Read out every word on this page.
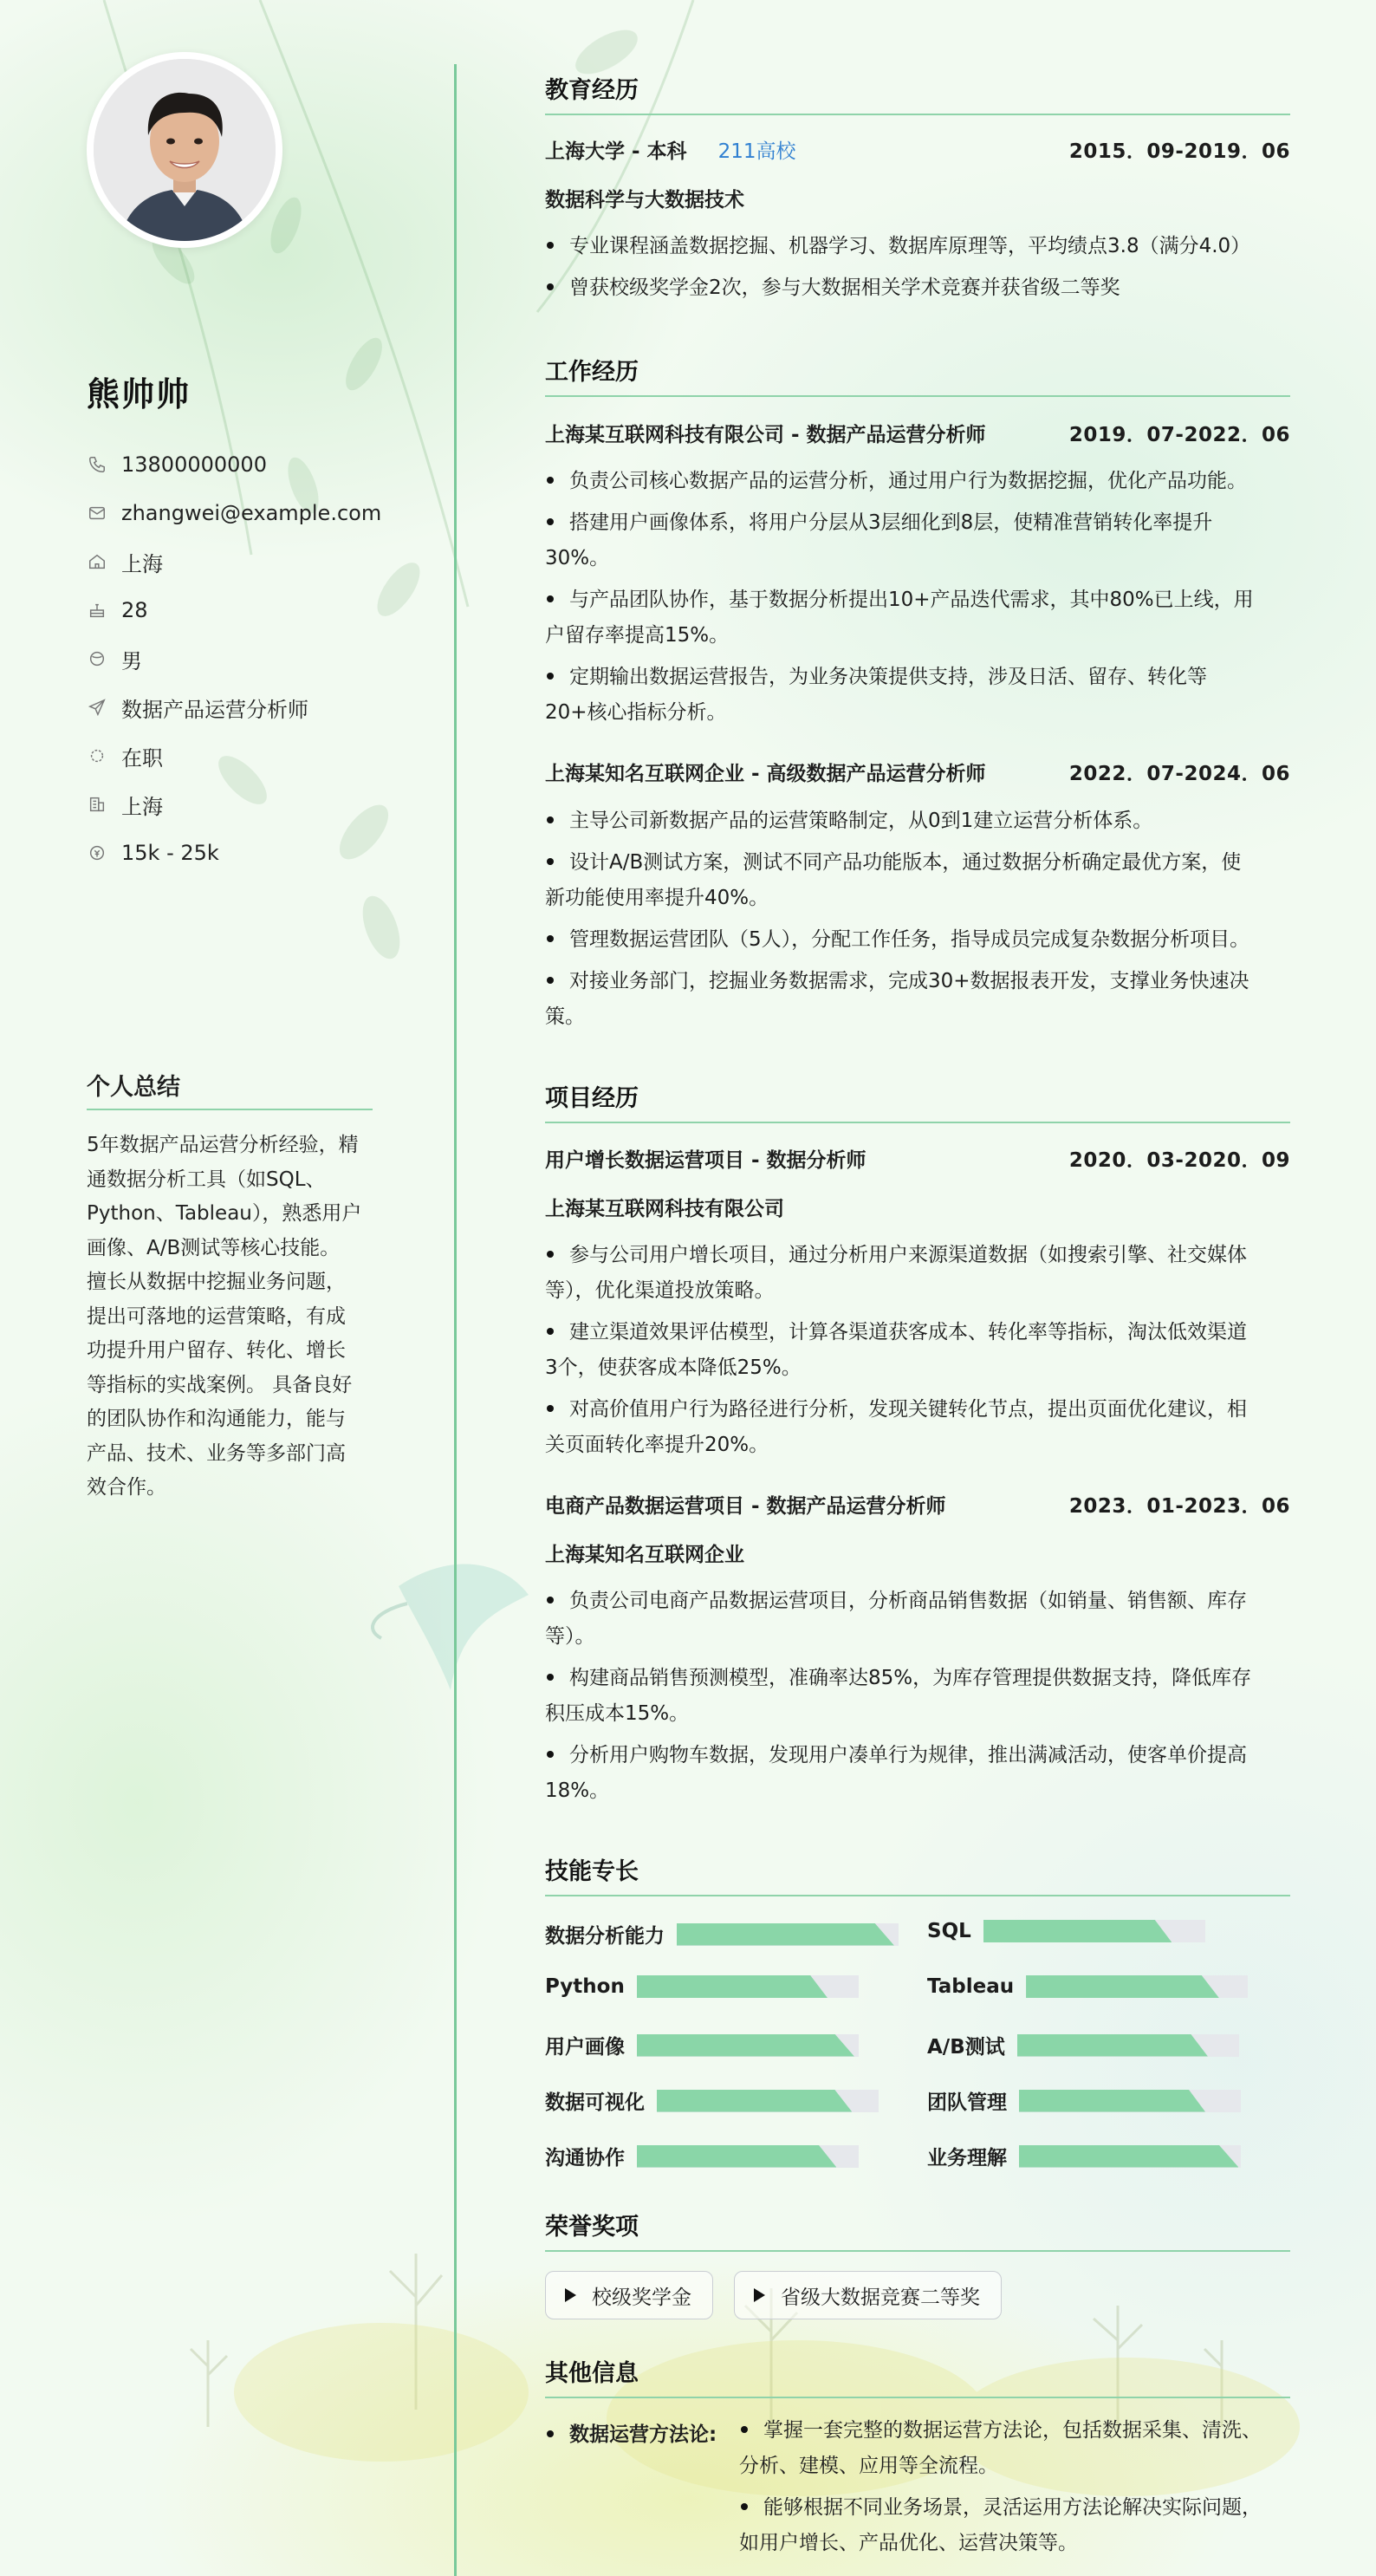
熊帅帅
13800000000
zhangwei@example.com
上海
28
男
数据产品运营分析师
在职
上海
15k - 25k
个人总结
5年数据产品运营分析经验，精
通数据分析工具（如SQL、
Python、Tableau），熟悉用户
画像、A/B测试等核心技能。
擅长从数据中挖掘业务问题，
提出可落地的运营策略，有成
功提升用户留存、转化、增长
等指标的实战案例。 具备良好
的团队协作和沟通能力，能与
产品、技术、业务等多部门高
效合作。
教育经历
上海大学 - 本科 211高校	2015．09-2019．06
数据科学与大数据技术
专业课程涵盖数据挖掘、机器学习、数据库原理等，平均绩点3.8（满分4.0）
曾获校级奖学金2次，参与大数据相关学术竞赛并获省级二等奖
工作经历
上海某互联网科技有限公司 - 数据产品运营分析师	2019．07-2022．06
负责公司核心数据产品的运营分析，通过用户行为数据挖掘，优化产品功能。
搭建用户画像体系，将用户分层从3层细化到8层，使精准营销转化率提升
30%。
与产品团队协作，基于数据分析提出10+产品迭代需求，其中80%已上线，用
户留存率提高15%。
定期输出数据运营报告，为业务决策提供支持，涉及日活、留存、转化等
20+核心指标分析。
上海某知名互联网企业 - 高级数据产品运营分析师	2022．07-2024．06
主导公司新数据产品的运营策略制定，从0到1建立运营分析体系。
设计A/B测试方案，测试不同产品功能版本，通过数据分析确定最优方案，使
新功能使用率提升40%。
管理数据运营团队（5人），分配工作任务，指导成员完成复杂数据分析项目。
对接业务部门，挖掘业务数据需求，完成30+数据报表开发，支撑业务快速决
策。
项目经历
用户增长数据运营项目 - 数据分析师	2020．03-2020．09
上海某互联网科技有限公司
参与公司用户增长项目，通过分析用户来源渠道数据（如搜索引擎、社交媒体
等），优化渠道投放策略。
建立渠道效果评估模型，计算各渠道获客成本、转化率等指标，淘汰低效渠道
3个，使获客成本降低25%。
对高价值用户行为路径进行分析，发现关键转化节点，提出页面优化建议，相
关页面转化率提升20%。
电商产品数据运营项目 - 数据产品运营分析师	2023．01-2023．06
上海某知名互联网企业
负责公司电商产品数据运营项目，分析商品销售数据（如销量、销售额、库存
等）。
构建商品销售预测模型，准确率达85%，为库存管理提供数据支持，降低库存
积压成本15%。
分析用户购物车数据，发现用户凑单行为规律，推出满减活动，使客单价提高
18%。
技能专长
数据分析能力	SQL
Python	Tableau
用户画像	A/B测试
数据可视化	团队管理
沟通协作	业务理解
荣誉奖项
校级奖学金	省级大数据竞赛二等奖
其他信息
数据运营方法论:	掌握一套完整的数据运营方法论，包括数据采集、清洗、
分析、建模、应用等全流程。
能够根据不同业务场景，灵活运用方法论解决实际问题，
如用户增长、产品优化、运营决策等。
